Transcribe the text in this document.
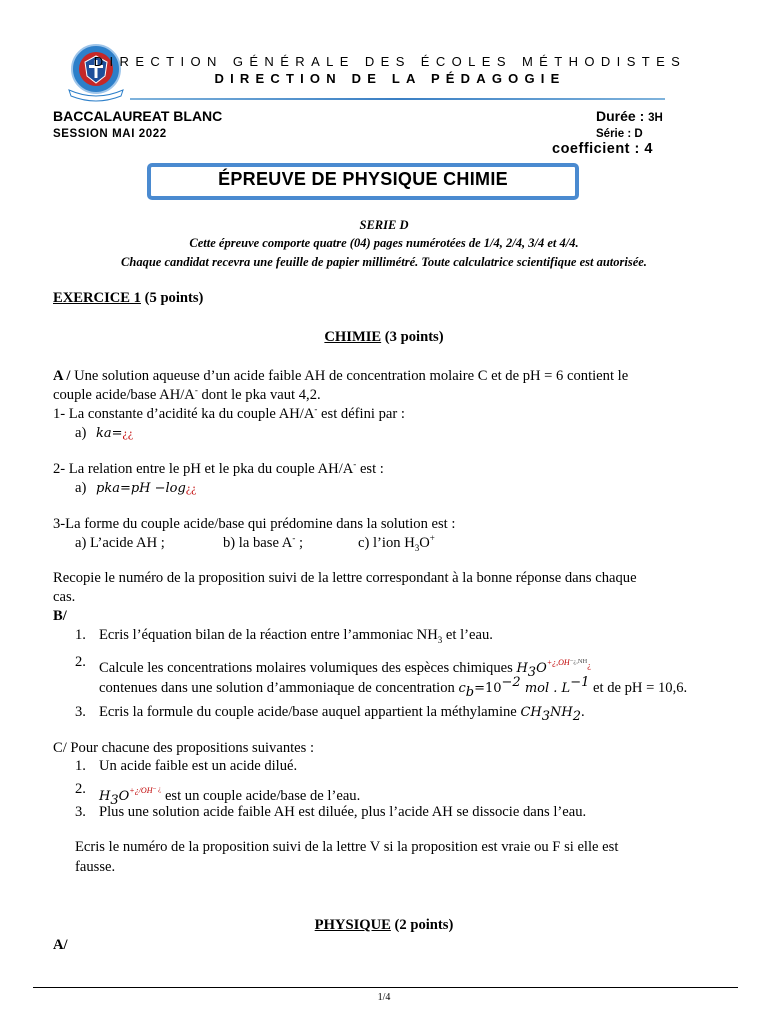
DIRECTION GÉNÉRALE DES ÉCOLES MÉTHODISTES
DIRECTION DE LA PÉDAGOGIE
BACCALAUREAT BLANC
SESSION MAI 2022
Durée : 3H
Série : D
coefficient : 4
ÉPREUVE DE PHYSIQUE CHIMIE
SERIE D
Cette épreuve comporte quatre (04) pages numérotées de 1/4, 2/4, 3/4 et 4/4.
Chaque candidat recevra une feuille de papier millimétré. Toute calculatrice scientifique est autorisée.
EXERCICE 1 (5 points)
CHIMIE (3 points)
A / Une solution aqueuse d’un acide faible AH de concentration molaire C et de pH = 6 contient le
couple acide/base AH/A- dont le pka vaut 4,2.
1- La constante d’acidité ka du couple AH/A- est défini par :
a) ka=¿¿
2- La relation entre le pH et le pka du couple AH/A- est :
a) pka=pH −log¿¿
3-La forme du couple acide/base qui prédomine dans la solution est :
a) L’acide AH ;	b) la base A- ;	c) l’ion $H_3O^+$
Recopie le numéro de la proposition suivi de la lettre correspondant à la bonne réponse dans chaque
cas.
B/
1. Ecris l’équation bilan de la réaction entre l’ammoniac $NH_3$ et l’eau.
2. Calcule les concentrations molaires volumiques des espèces chimiques $H_3O^{+¿,OH-¿,NH¿}$
contenues dans une solution d’ammoniaque de concentration $c_b=10^{-2}$ mol . $L^{-1}$ et de pH = 10,6.
3. Ecris la formule du couple acide/base auquel appartient la méthylamine $CH_3NH_2$.
C/ Pour chacune des propositions suivantes :
1. Un acide faible est un acide dilué.
2. $H_3O^{+¿/OH- ¿}$ est un couple acide/base de l’eau.
3. Plus une solution acide faible AH est diluée, plus l’acide AH se dissocie dans l’eau.
Ecris le numéro de la proposition suivi de la lettre V si la proposition est vraie ou F si elle est
fausse.
PHYSIQUE (2 points)
A/
1/4
